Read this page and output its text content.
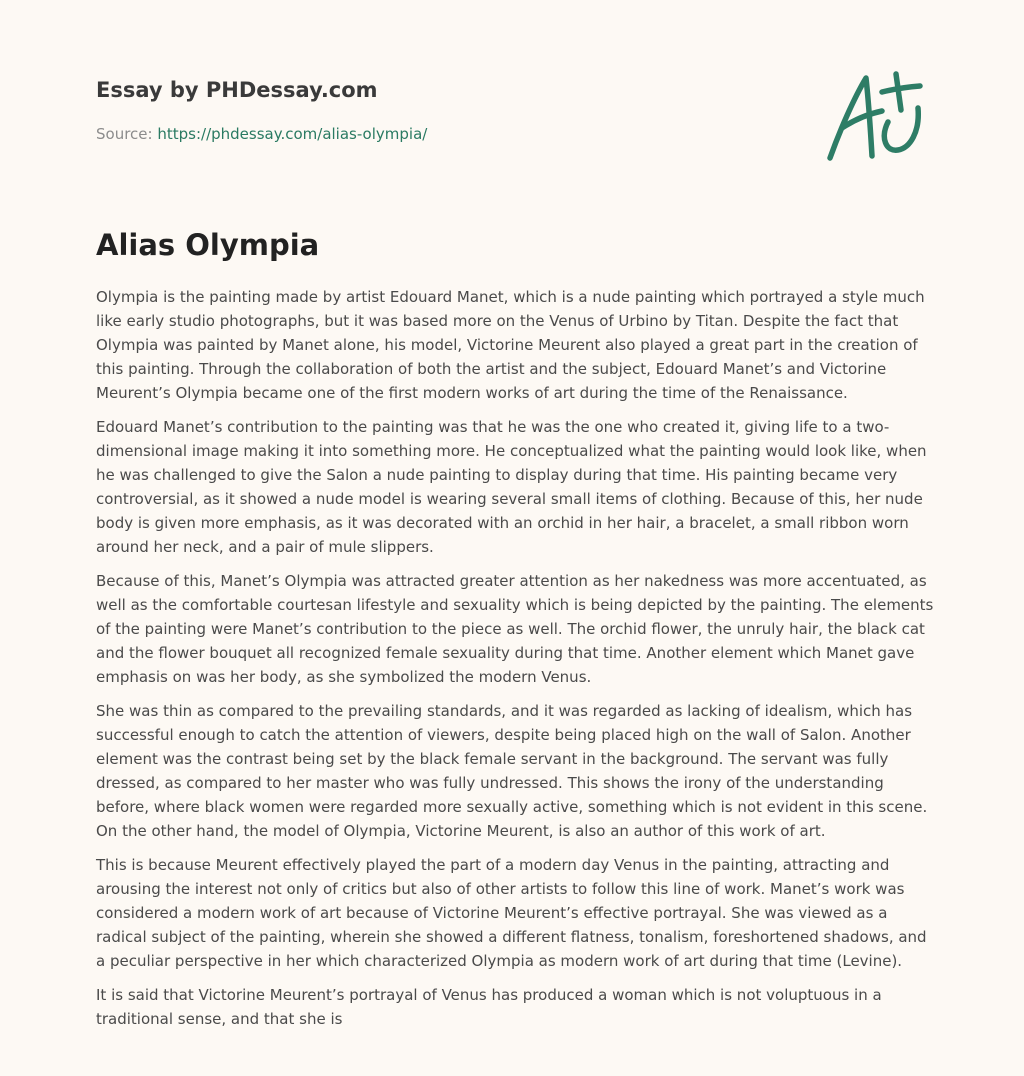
Essay by PHDessay.com
Source: https://phdessay.com/alias-olympia/
Alias Olympia

Olympia is the painting made by artist Edouard Manet, which is a nude painting which portrayed a style much like early studio photographs, but it was based more on the Venus of Urbino by Titan. Despite the fact that Olympia was painted by Manet alone, his model, Victorine Meurent also played a great part in the creation of this painting. Through the collaboration of both the artist and the subject, Edouard Manet’s and Victorine Meurent’s Olympia became one of the first modern works of art during the time of the Renaissance.

Edouard Manet’s contribution to the painting was that he was the one who created it, giving life to a two-dimensional image making it into something more. He conceptualized what the painting would look like, when he was challenged to give the Salon a nude painting to display during that time. His painting became very controversial, as it showed a nude model is wearing several small items of clothing. Because of this, her nude body is given more emphasis, as it was decorated with an orchid in her hair, a bracelet, a small ribbon worn around her neck, and a pair of mule slippers.

Because of this, Manet’s Olympia was attracted greater attention as her nakedness was more accentuated, as well as the comfortable courtesan lifestyle and sexuality which is being depicted by the painting. The elements of the painting were Manet’s contribution to the piece as well. The orchid flower, the unruly hair, the black cat and the flower bouquet all recognized female sexuality during that time. Another element which Manet gave emphasis on was her body, as she symbolized the modern Venus.

She was thin as compared to the prevailing standards, and it was regarded as lacking of idealism, which has successful enough to catch the attention of viewers, despite being placed high on the wall of Salon. Another element was the contrast being set by the black female servant in the background. The servant was fully dressed, as compared to her master who was fully undressed. This shows the irony of the understanding before, where black women were regarded more sexually active, something which is not evident in this scene. On the other hand, the model of Olympia, Victorine Meurent, is also an author of this work of art.

This is because Meurent effectively played the part of a modern day Venus in the painting, attracting and arousing the interest not only of critics but also of other artists to follow this line of work. Manet’s work was considered a modern work of art because of Victorine Meurent’s effective portrayal. She was viewed as a radical subject of the painting, wherein she showed a different flatness, tonalism, foreshortened shadows, and a peculiar perspective in her which characterized Olympia as modern work of art during that time (Levine).

It is said that Victorine Meurent’s portrayal of Venus has produced a woman which is not voluptuous in a traditional sense, and that she is
